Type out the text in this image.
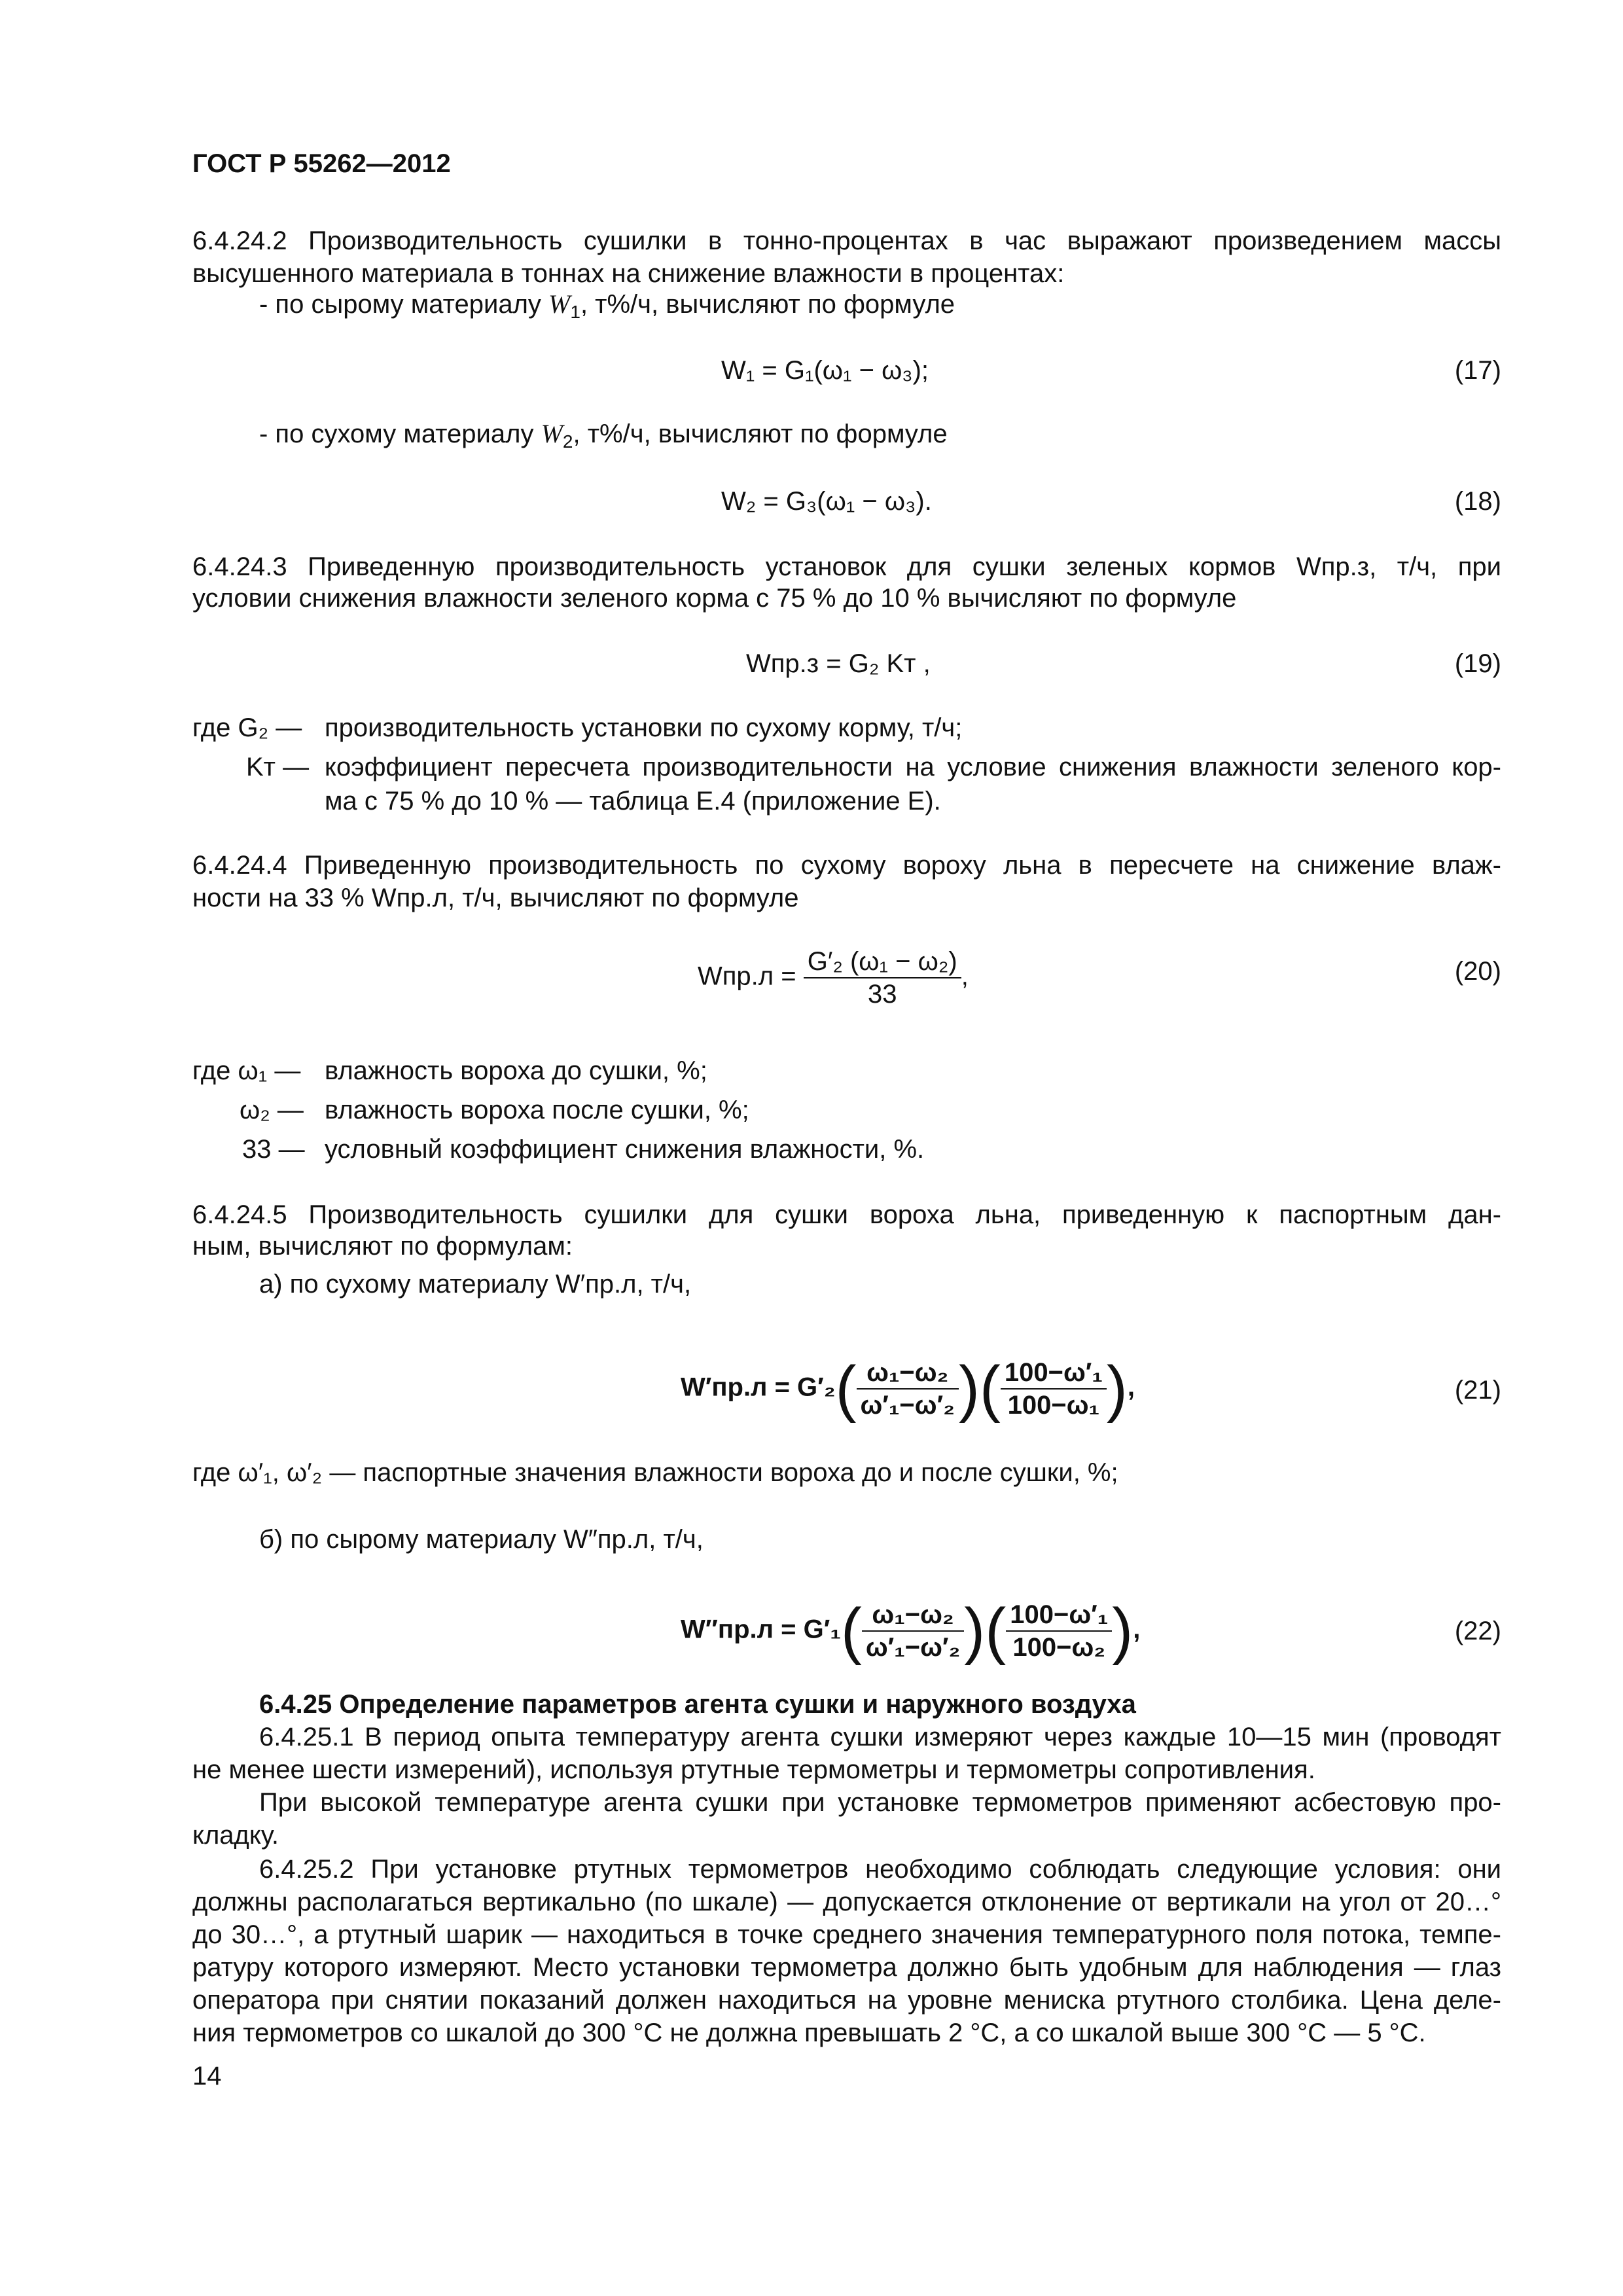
ГОСТ Р 55262—2012
6.4.24.2 Производительность сушилки в тонно-процентах в час выражают произведением массы
высушенного материала в тоннах на снижение влажности в процентах:
- по сырому материалу $W_1$, т%/ч, вычисляют по формуле
W₁ = G₁(ω₁ − ω₃);	(17)
- по сухому материалу $W_2$, т%/ч, вычисляют по формуле
W₂ = G₃(ω₁ − ω₃).	(18)
6.4.24.3 Приведенную производительность установок для сушки зеленых кормов Wпр.з, т/ч, при
условии снижения влажности зеленого корма с 75 % до 10 % вычисляют по формуле
Wпр.з = G₂ Kт ,	(19)
где G₂ — производительность установки по сухому корму, т/ч;
Kт — коэффициент пересчета производительности на условие снижения влажности зеленого кор-
ма с 75 % до 10 % — таблица Е.4 (приложение Е).
6.4.24.4 Приведенную производительность по сухому вороху льна в пересчете на снижение влаж-
ности на 33 % Wпр.л, т/ч, вычисляют по формуле
$Wпр.л = \frac{\text{G′₂ (ω₁ − ω₂)}}{33}$ ,	(20)
где ω₁ — влажность вороха до сушки, %;
ω₂ — влажность вороха после сушки, %;
33 — условный коэффициент снижения влажности, %.
6.4.24.5 Производительность сушилки для сушки вороха льна, приведенную к паспортным дан-
ным, вычисляют по формулам:
а) по сухому материалу W′пр.л, т/ч,
$W'пр.л = G'_2( \frac{\text{ω₁−ω₂}}{\text{ω′₁−ω′₂}}$ )( $\frac{\text{100−ω′₁}}{\text{100−ω₁}}$ ),	(21)
где ω′₁, ω′₂ — паспортные значения влажности вороха до и после сушки, %;
б) по сырому материалу W″пр.л, т/ч,
$W''пр.л = G'_1( \frac{\text{ω₁−ω₂}}{\text{ω′₁−ω′₂}}$ )( $\frac{\text{100−ω′₁}}{\text{100−ω₂}}$ ),	(22)
6.4.25 Определение параметров агента сушки и наружного воздуха
6.4.25.1 В период опыта температуру агента сушки измеряют через каждые 10—15 мин (проводят
не менее шести измерений), используя ртутные термометры и термометры сопротивления.
При высокой температуре агента сушки при установке термометров применяют асбестовую про-
кладку.
6.4.25.2 При установке ртутных термометров необходимо соблюдать следующие условия: они
должны располагаться вертикально (по шкале) — допускается отклонение от вертикали на угол от 20…°
до 30…°, а ртутный шарик — находиться в точке среднего значения температурного поля потока, темпе-
ратуру которого измеряют. Место установки термометра должно быть удобным для наблюдения — глаз
оператора при снятии показаний должен находиться на уровне мениска ртутного столбика. Цена деле-
ния термометров со шкалой до 300 °С не должна превышать 2 °С, а со шкалой выше 300 °С — 5 °С.
14
